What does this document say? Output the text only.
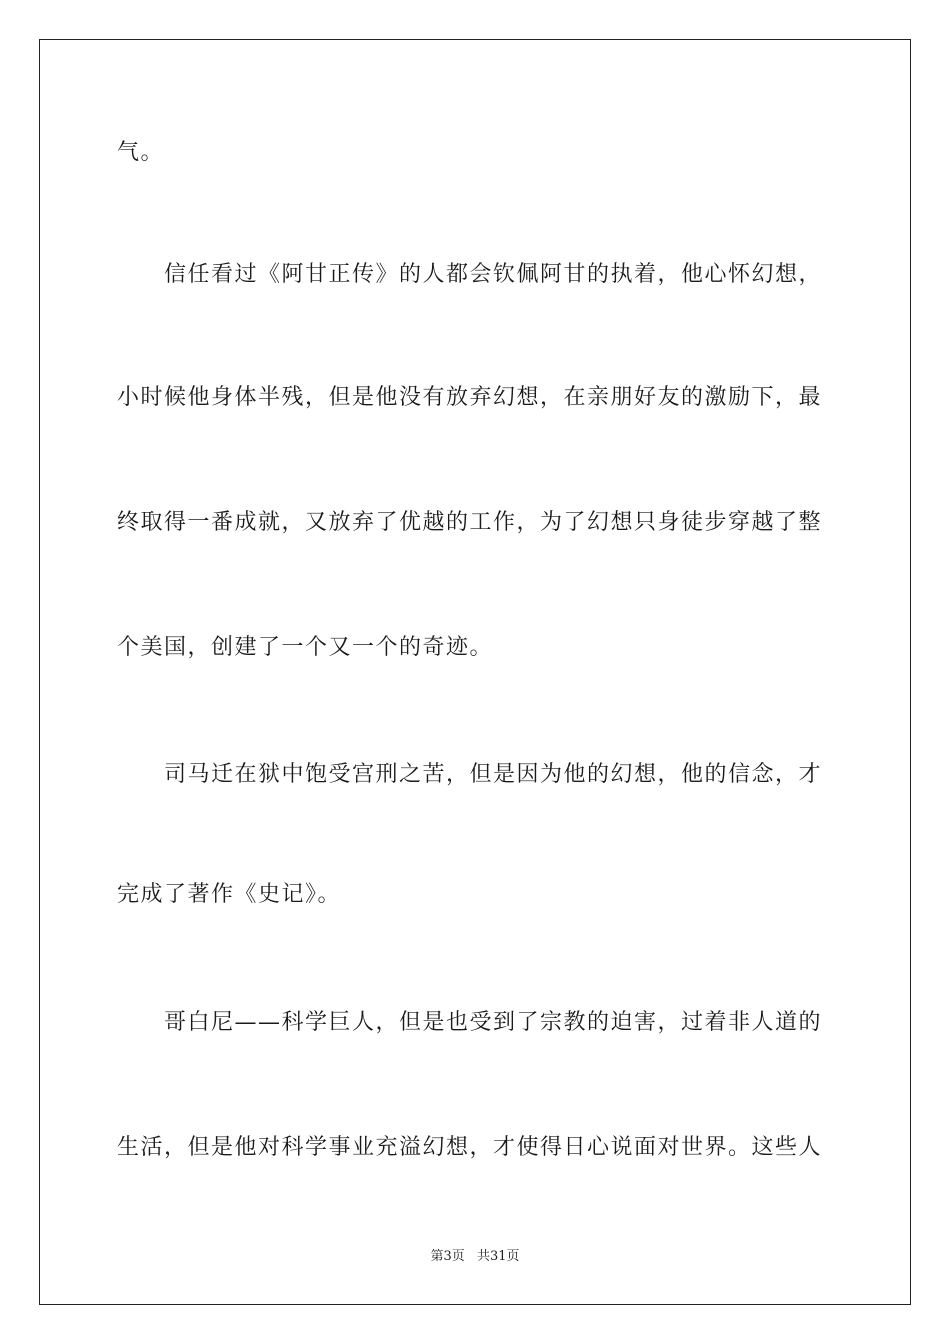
气。
信任看过《阿甘正传》的人都会钦佩阿甘的执着，他心怀幻想，
小时候他身体半残，但是他没有放弃幻想，在亲朋好友的激励下，最
终取得一番成就，又放弃了优越的工作，为了幻想只身徒步穿越了整
个美国，创建了一个又一个的奇迹。
司马迁在狱中饱受宫刑之苦，但是因为他的幻想，他的信念，才
完成了著作《史记》。
哥白尼——科学巨人，但是也受到了宗教的迫害，过着非人道的
生活，但是他对科学事业充溢幻想，才使得日心说面对世界。这些人
第3页 共31页
